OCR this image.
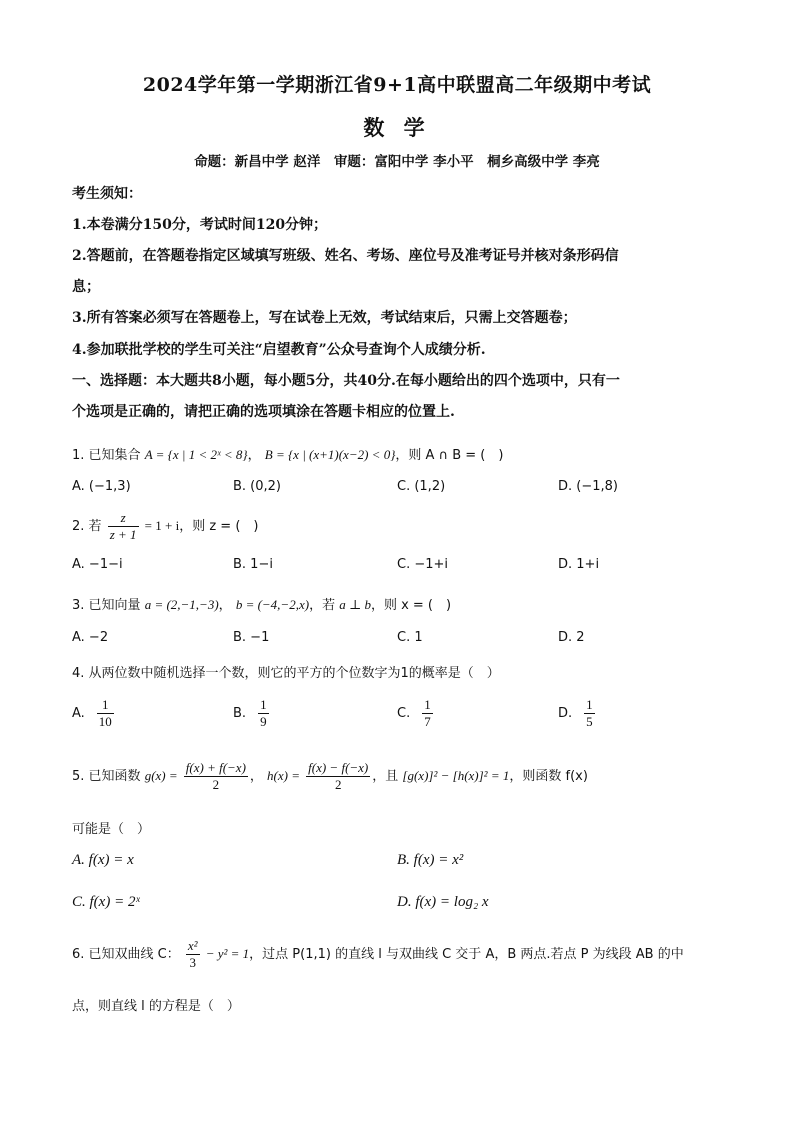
2024学年第一学期浙江省9+1高中联盟高二年级期中考试
数 学
命题：新昌中学 赵洋　审题：富阳中学 李小平　桐乡高级中学 李亮
考生须知：
1.本卷满分150分，考试时间120分钟；
2.答题前，在答题卷指定区域填写班级、姓名、考场、座位号及准考证号并核对条形码信
息；
3.所有答案必须写在答题卷上，写在试卷上无效，考试结束后，只需上交答题卷；
4.参加联批学校的学生可关注“启望教育”公众号查询个人成绩分析.
一、选择题：本大题共8小题，每小题5分，共40分.在每小题给出的四个选项中，只有一
个选项是正确的，请把正确的选项填涂在答题卡相应的位置上.
1. 已知集合 A = {x | 1 < 2ˣ < 8}， B = {x | (x+1)(x−2) < 0}，则 A ∩ B = (　)
A. (−1,3)	B. (0,2)	C. (1,2)	D. (−1,8)
2. 若 $\frac{z}{z + 1} = 1 + i$，则 z = (　)
A. −1−i	B. 1−i	C. −1+i	D. 1+i
3. 已知向量 a = (2,−1,−3)， b = (−4,−2,x)，若 a ⊥ b，则 x = (　)
A. −2	B. −1	C. 1	D. 2
4. 从两位数中随机选择一个数，则它的平方的个位数字为1的概率是（　）
A. $\frac{1}{10}$	B. $\frac{1}{9}$	C. $\frac{1}{7}$	D. $\frac{1}{5}$
5. 已知函数 $g(x) = \frac{f(x) + f(-x)}{2}$ ， $h(x) = \frac{f(x) - f(-x)}{2}$ ，且 [g(x)]² − [h(x)]² = 1，则函数 f(x)
可能是（　）
A. f(x) = x	B. f(x) = x²
C. f(x) = 2ˣ	D. f(x) = log₂ x
6. 已知双曲线 C： $\frac{\text{x²}}{3} - y^2 = 1$，过点 P(1,1) 的直线 l 与双曲线 C 交于 A，B 两点.若点 P 为线段 AB 的中
点，则直线 l 的方程是（　）
